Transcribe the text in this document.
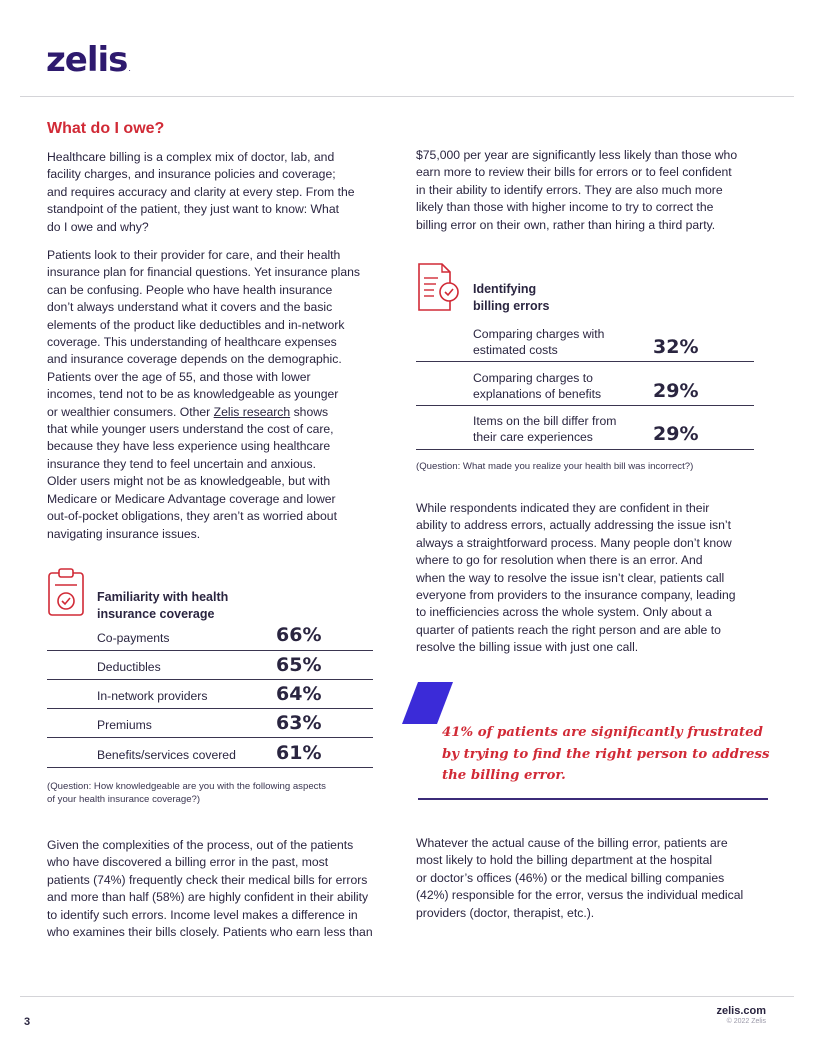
zelis.
What do I owe?
Healthcare billing is a complex mix of doctor, lab, and
facility charges, and insurance policies and coverage;
and requires accuracy and clarity at every step. From the
standpoint of the patient, they just want to know: What
do I owe and why?
Patients look to their provider for care, and their health
insurance plan for financial questions. Yet insurance plans
can be confusing. People who have health insurance
don’t always understand what it covers and the basic
elements of the product like deductibles and in-network
coverage. This understanding of healthcare expenses
and insurance coverage depends on the demographic.
Patients over the age of 55, and those with lower
incomes, tend not to be as knowledgeable as younger
or wealthier consumers. Other Zelis research shows
that while younger users understand the cost of care,
because they have less experience using healthcare
insurance they tend to feel uncertain and anxious.
Older users might not be as knowledgeable, but with
Medicare or Medicare Advantage coverage and lower
out-of-pocket obligations, they aren’t as worried about
navigating insurance issues.
Familiarity with health
insurance coverage
Co-payments	66%
Deductibles	65%
In-network providers	64%
Premiums	63%
Benefits/services covered 61%
(Question: How knowledgeable are you with the following aspects
of your health insurance coverage?)
Given the complexities of the process, out of the patients
who have discovered a billing error in the past, most
patients (74%) frequently check their medical bills for errors
and more than half (58%) are highly confident in their ability
to identify such errors. Income level makes a difference in
who examines their bills closely. Patients who earn less than
$75,000 per year are significantly less likely than those who
earn more to review their bills for errors or to feel confident
in their ability to identify errors. They are also much more
likely than those with higher income to try to correct the
billing error on their own, rather than hiring a third party.
Identifying
billing errors
Comparing charges with
estimated costs	32%
Comparing charges to
explanations of benefits	29%
Items on the bill differ from
their care experiences	29%
(Question: What made you realize your health bill was incorrect?)
While respondents indicated they are confident in their
ability to address errors, actually addressing the issue isn’t
always a straightforward process. Many people don’t know
where to go for resolution when there is an error. And
when the way to resolve the issue isn’t clear, patients call
everyone from providers to the insurance company, leading
to inefficiencies across the whole system. Only about a
quarter of patients reach the right person and are able to
resolve the billing issue with just one call.
41% of patients are significantly frustrated
by trying to find the right person to address
the billing error.
Whatever the actual cause of the billing error, patients are
most likely to hold the billing department at the hospital
or doctor’s offices (46%) or the medical billing companies
(42%) responsible for the error, versus the individual medical
providers (doctor, therapist, etc.).
3
zelis.com
© 2022 Zelis
